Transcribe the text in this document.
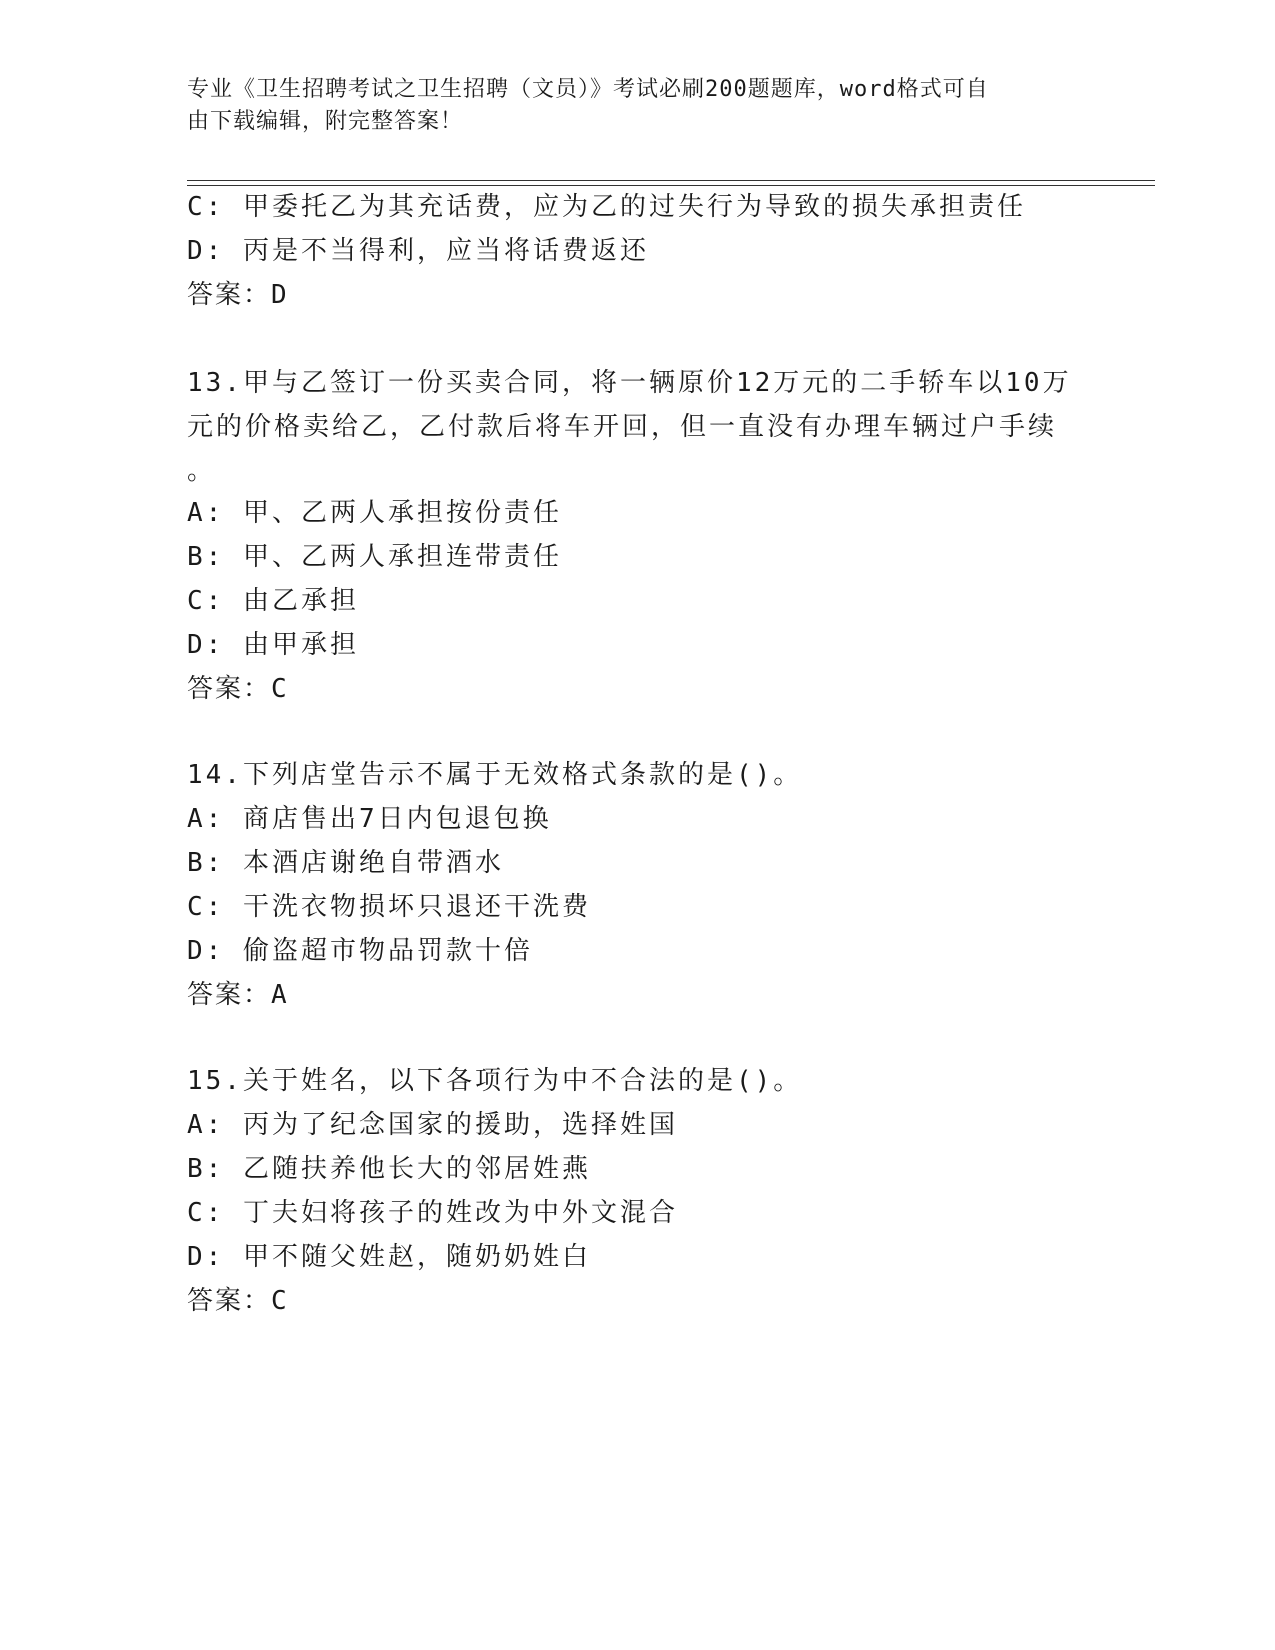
专业《卫生招聘考试之卫生招聘（文员）》考试必刷200题题库，word格式可自
由下载编辑，附完整答案！
C: 甲委托乙为其充话费，应为乙的过失行为导致的损失承担责任
D: 丙是不当得利，应当将话费返还
答案：D
13.甲与乙签订一份买卖合同，将一辆原价12万元的二手轿车以10万
元的价格卖给乙，乙付款后将车开回，但一直没有办理车辆过户手续
。
A: 甲、乙两人承担按份责任
B: 甲、乙两人承担连带责任
C: 由乙承担
D: 由甲承担
答案：C
14.下列店堂告示不属于无效格式条款的是()。
A: 商店售出7日内包退包换
B: 本酒店谢绝自带酒水
C: 干洗衣物损坏只退还干洗费
D: 偷盗超市物品罚款十倍
答案：A
15.关于姓名，以下各项行为中不合法的是()。
A: 丙为了纪念国家的援助，选择姓国
B: 乙随扶养他长大的邻居姓燕
C: 丁夫妇将孩子的姓改为中外文混合
D: 甲不随父姓赵，随奶奶姓白
答案：C
